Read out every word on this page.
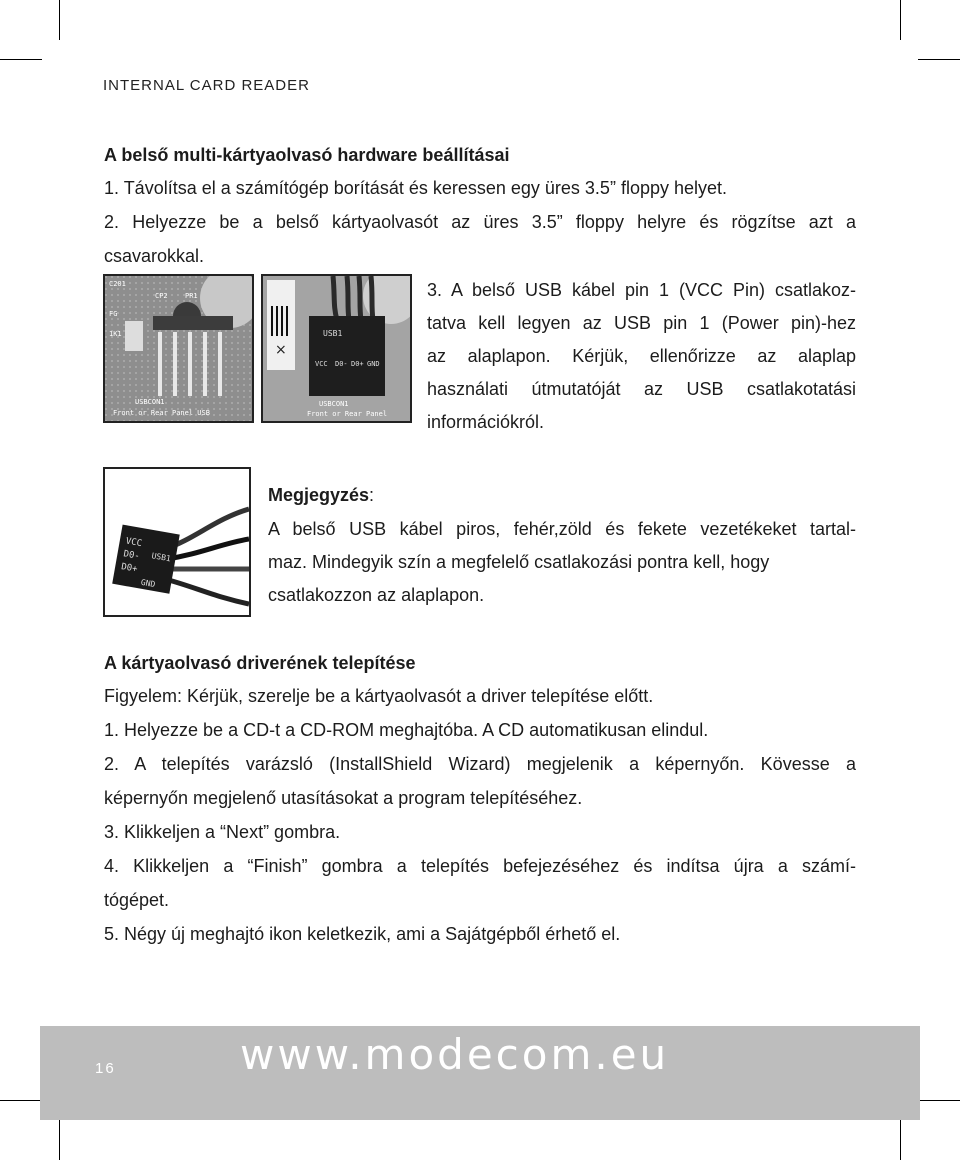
INTERNAL CARD READER
A belső multi-kártyaolvasó hardware beállításai
1. Távolítsa el a számítógép borítását és keressen egy üres 3.5” floppy helyet.
2. Helyezze be a belső kártyaolvasót az üres 3.5” floppy helyre és rögzítse azt a
csavarokkal.
C201
CP2 PR1
FG
1K1
USBCON1
Front or Rear Panel USB
×
USB1
VCC D0- D0+ GND
USBCON1
Front or Rear Panel
3. A belső USB kábel pin 1 (VCC Pin) csatlakoz-
tatva kell legyen az USB pin 1 (Power pin)-hez
az alaplapon. Kérjük, ellenőrizze az alaplap
használati útmutatóját az USB csatlakotatási
információkról.
VCC
D0-
D0+
USB1
GND
Megjegyzés:
A belső USB kábel piros, fehér,zöld és fekete vezetékeket tartal-
maz. Mindegyik szín a megfelelő csatlakozási pontra kell, hogy
csatlakozzon az alaplapon.
A kártyaolvasó driverének telepítése
Figyelem: Kérjük, szerelje be a kártyaolvasót a driver telepítése előtt.
1. Helyezze be a CD-t a CD-ROM meghajtóba. A CD automatikusan elindul.
2. A telepítés varázsló (InstallShield Wizard) megjelenik a képernyőn. Kövesse a
képernyőn megjelenő utasításokat a program telepítéséhez.
3. Klikkeljen a “Next” gombra.
4. Klikkeljen a “Finish” gombra a telepítés befejezéséhez és indítsa újra a számí-
tógépet.
5. Négy új meghajtó ikon keletkezik, ami a Sajátgépből érhető el.
16	www.modecom.eu
